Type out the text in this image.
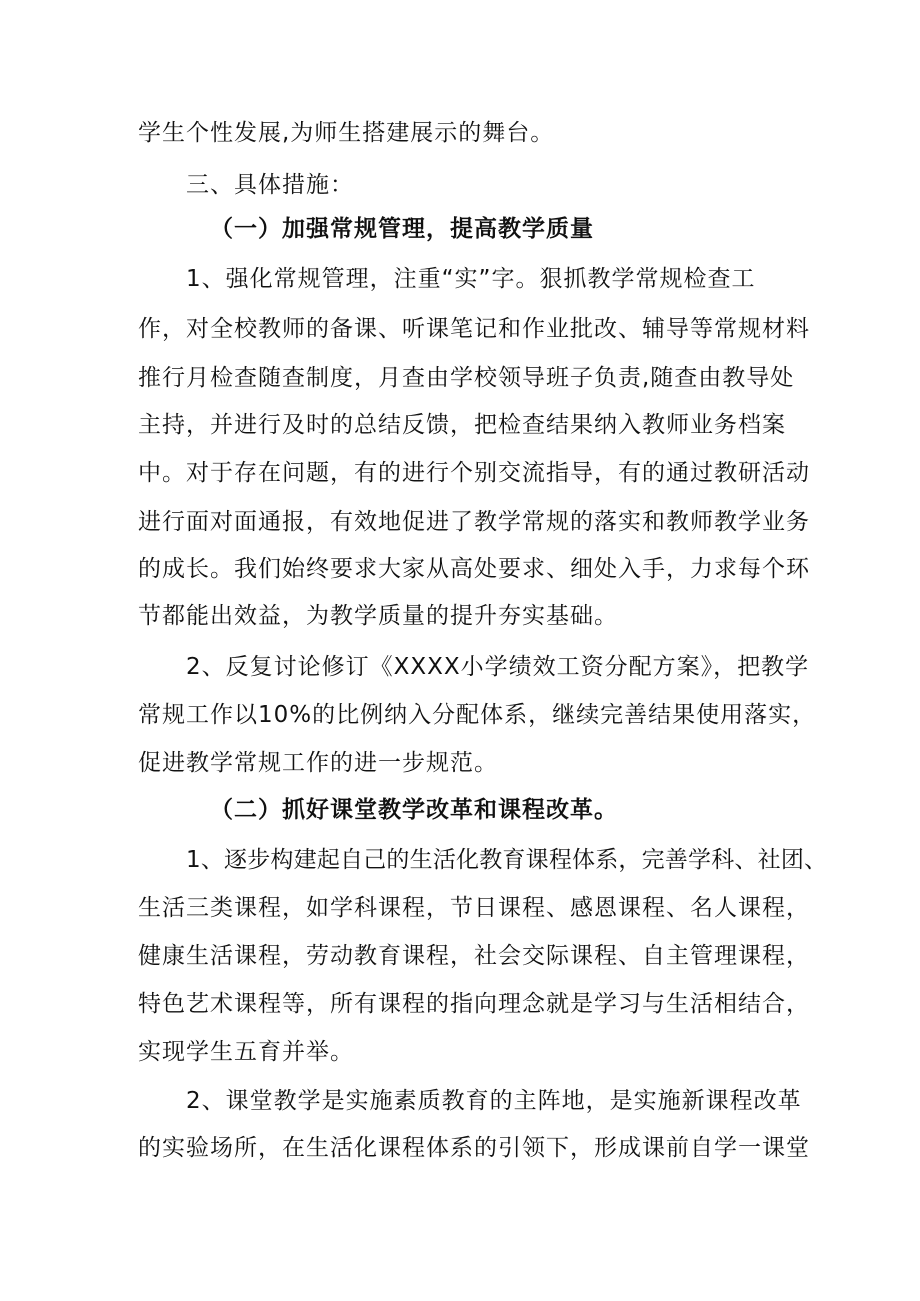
学生个性发展,为师生搭建展示的舞台。
三、具体措施：
（一）加强常规管理，提高教学质量
1、强化常规管理，注重“实”字。狠抓教学常规检查工
作，对全校教师的备课、听课笔记和作业批改、辅导等常规材料
推行月检查随查制度，月查由学校领导班子负责,随查由教导处
主持，并进行及时的总结反馈，把检查结果纳入教师业务档案
中。对于存在问题，有的进行个别交流指导，有的通过教研活动
进行面对面通报，有效地促进了教学常规的落实和教师教学业务
的成长。我们始终要求大家从高处要求、细处入手，力求每个环
节都能出效益，为教学质量的提升夯实基础。
2、反复讨论修订《XXXX小学绩效工资分配方案》，把教学
常规工作以10%的比例纳入分配体系，继续完善结果使用落实，
促进教学常规工作的进一步规范。
（二）抓好课堂教学改革和课程改革。
1、逐步构建起自己的生活化教育课程体系，完善学科、社团、
生活三类课程，如学科课程，节日课程、感恩课程、名人课程，
健康生活课程，劳动教育课程，社会交际课程、自主管理课程，
特色艺术课程等，所有课程的指向理念就是学习与生活相结合，
实现学生五育并举。
2、课堂教学是实施素质教育的主阵地，是实施新课程改革
的实验场所，在生活化课程体系的引领下，形成课前自学一课堂
